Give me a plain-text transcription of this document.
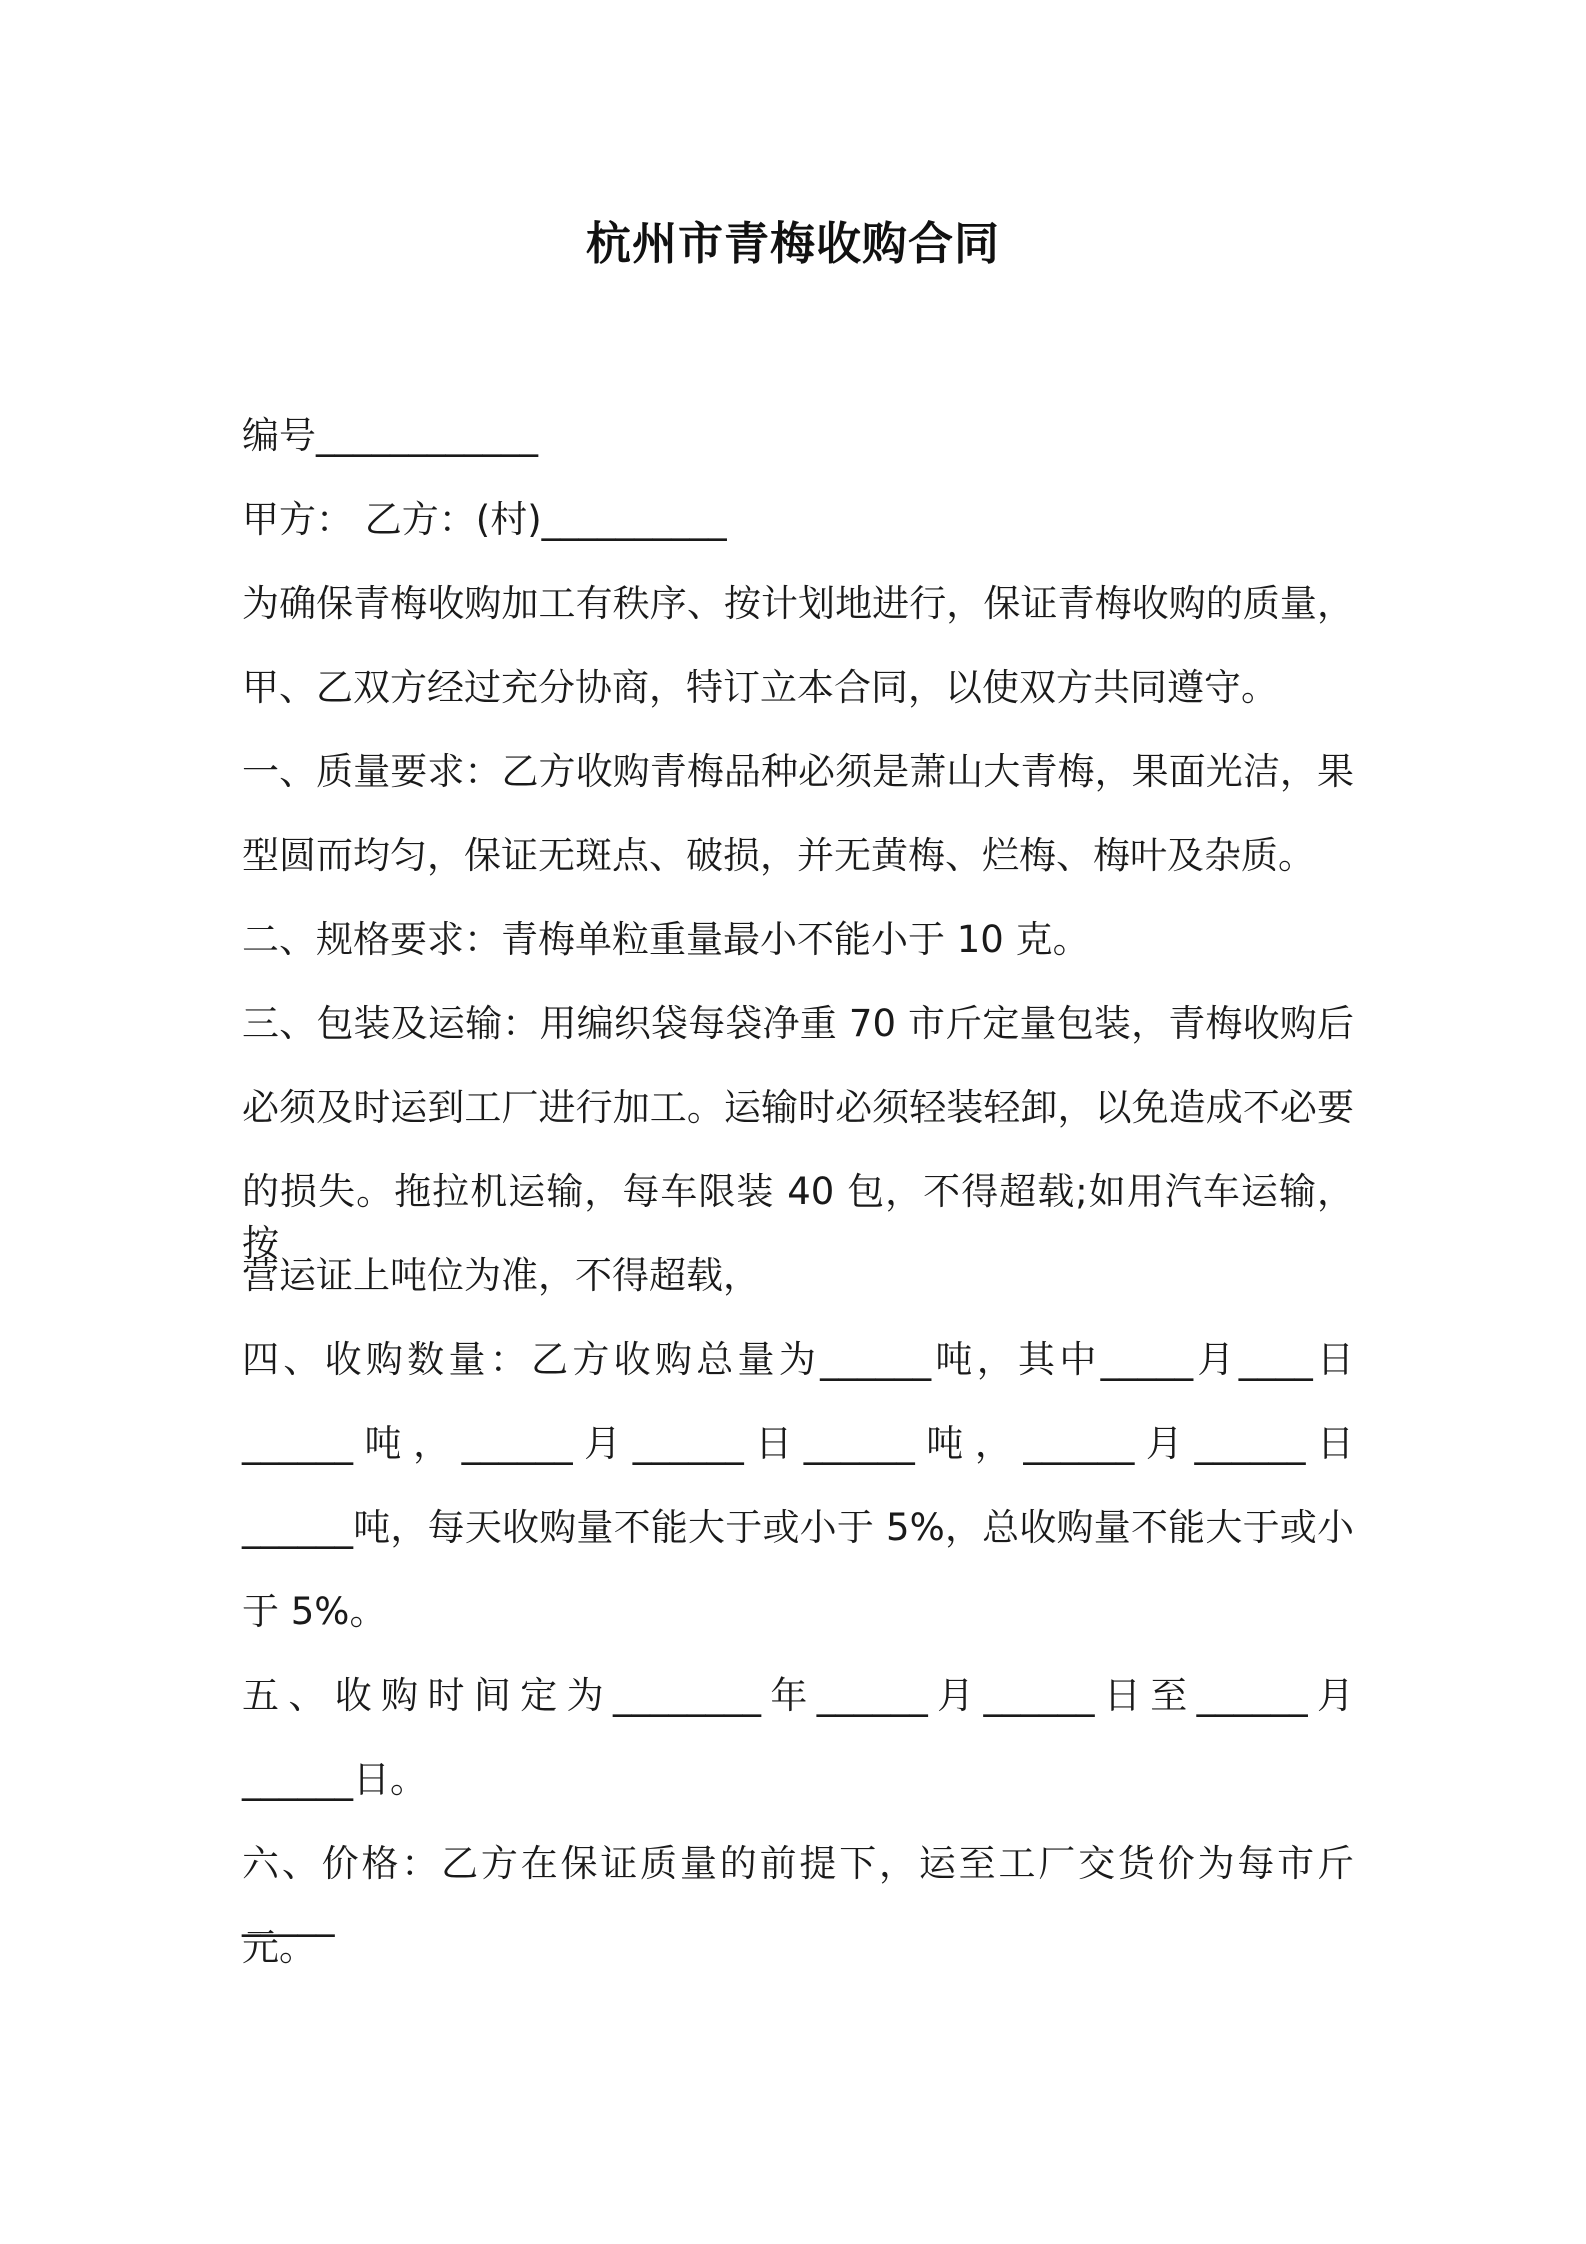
杭州市青梅收购合同
编号____________
甲方： 乙方：(村)__________
为确保青梅收购加工有秩序、按计划地进行，保证青梅收购的质量，
甲、乙双方经过充分协商，特订立本合同，以使双方共同遵守。
一、质量要求：乙方收购青梅品种必须是萧山大青梅，果面光洁，果
型圆而均匀，保证无斑点、破损，并无黄梅、烂梅、梅叶及杂质。
二、规格要求：青梅单粒重量最小不能小于 10 克。
三、包装及运输：用编织袋每袋净重 70 市斤定量包装，青梅收购后
必须及时运到工厂进行加工。运输时必须轻装轻卸，以免造成不必要
的损失。拖拉机运输，每车限装 40 包，不得超载;如用汽车运输，按
营运证上吨位为准，不得超载，
四、收购数量：乙方收购总量为______吨，其中_____月____日
______吨，______月______日______吨，______月______日
______吨，每天收购量不能大于或小于 5%，总收购量不能大于或小
于 5%。
五、收购时间定为________年______月______日至______月
______日。
六、价格：乙方在保证质量的前提下，运至工厂交货价为每市斤_____
元。
